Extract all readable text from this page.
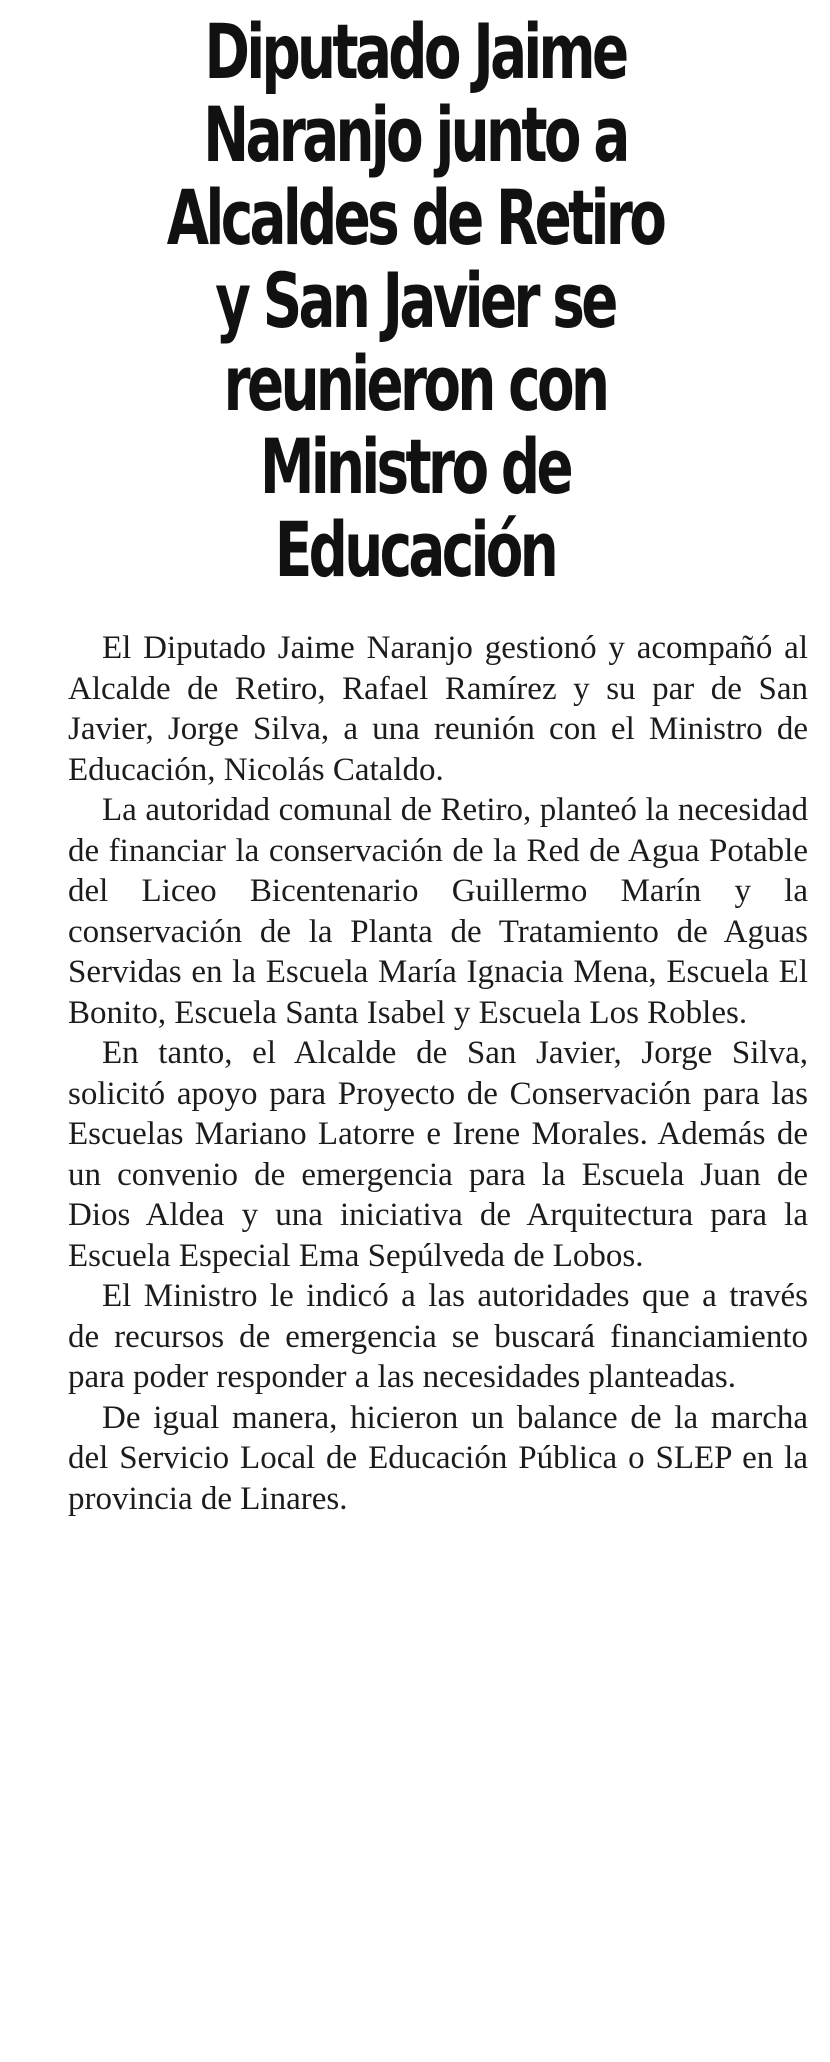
Diputado Jaime Naranjo junto a Alcaldes de Retiro y San Javier se reunieron con Ministro de Educación

El Diputado Jaime Naranjo gestionó y acompañó al Alcalde de Retiro, Rafael Ramírez y su par de San Javier, Jorge Silva, a una reunión con el Ministro de Educación, Nicolás Cataldo.

La autoridad comunal de Retiro, planteó la necesidad de financiar la conservación de la Red de Agua Potable del Liceo Bicentenario Guillermo Marín y la conservación de la Planta de Tratamiento de Aguas Servidas en la Escuela María Ignacia Mena, Escuela El Bonito, Escuela Santa Isabel y Escuela Los Robles.

En tanto, el Alcalde de San Javier, Jorge Silva, solicitó apoyo para Proyecto de Conservación para las Escuelas Mariano Latorre e Irene Morales. Además de un convenio de emergencia para la Escuela Juan de Dios Aldea y una iniciativa de Arquitectura para la Escuela Especial Ema Sepúlveda de Lobos.

El Ministro le indicó a las autoridades que a través de recursos de emergencia se buscará financiamiento para poder responder a las necesidades planteadas.

De igual manera, hicieron un balance de la marcha del Servicio Local de Educación Pública o SLEP en la provincia de Linares.
